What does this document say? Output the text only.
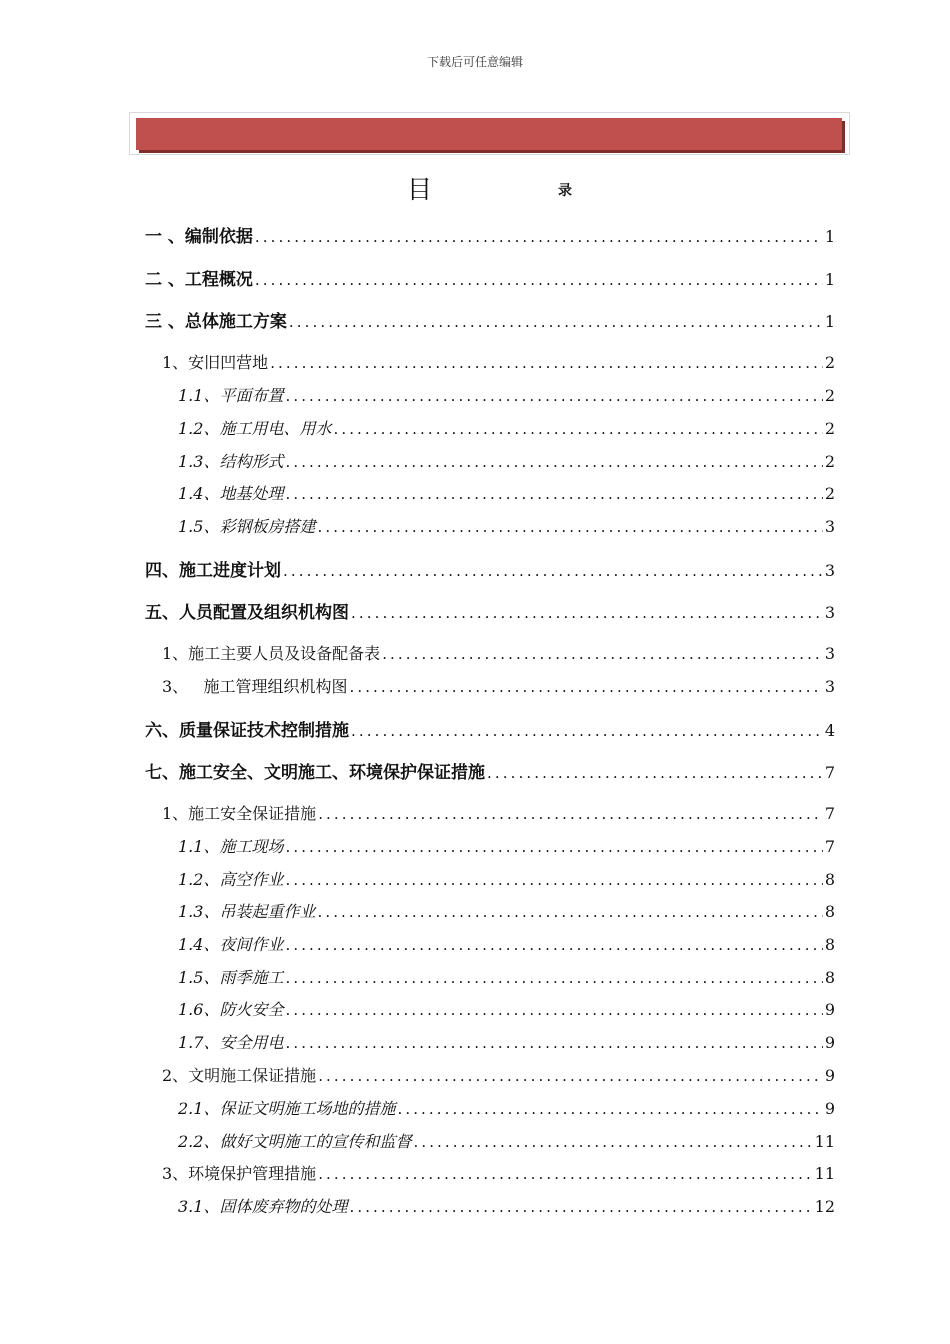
下载后可任意编辑
目	录
一 、编制依据 .....	1
二 、工程概况 .....	1
三 、总体施工方案 .....	1
1、安旧凹营地 .....	2
1.1、平面布置 .....	2
1.2、施工用电、用水 .....	2
1.3、结构形式 .....	2
1.4、地基处理 .....	2
1.5、彩钢板房搭建 .....	3
四、施工进度计划 .....	3
五、人员配置及组织机构图 .....	3
1、施工主要人员及设备配备表 .....	3
3、   施工管理组织机构图 .....	3
六、质量保证技术控制措施 .....	4
七、施工安全、文明施工、环境保护保证措施 .....	7
1、施工安全保证措施 .....	7
1.1、施工现场 .....	7
1.2、高空作业 .....	8
1.3、吊装起重作业 .....	8
1.4、夜间作业 .....	8
1.5、雨季施工 .....	8
1.6、防火安全 .....	9
1.7、安全用电 .....	9
2、文明施工保证措施 .....	9
2.1、保证文明施工场地的措施 .....	9
2.2、做好文明施工的宣传和监督 .....	11
3、环境保护管理措施 .....	11
3.1、固体废弃物的处理 .....	12
